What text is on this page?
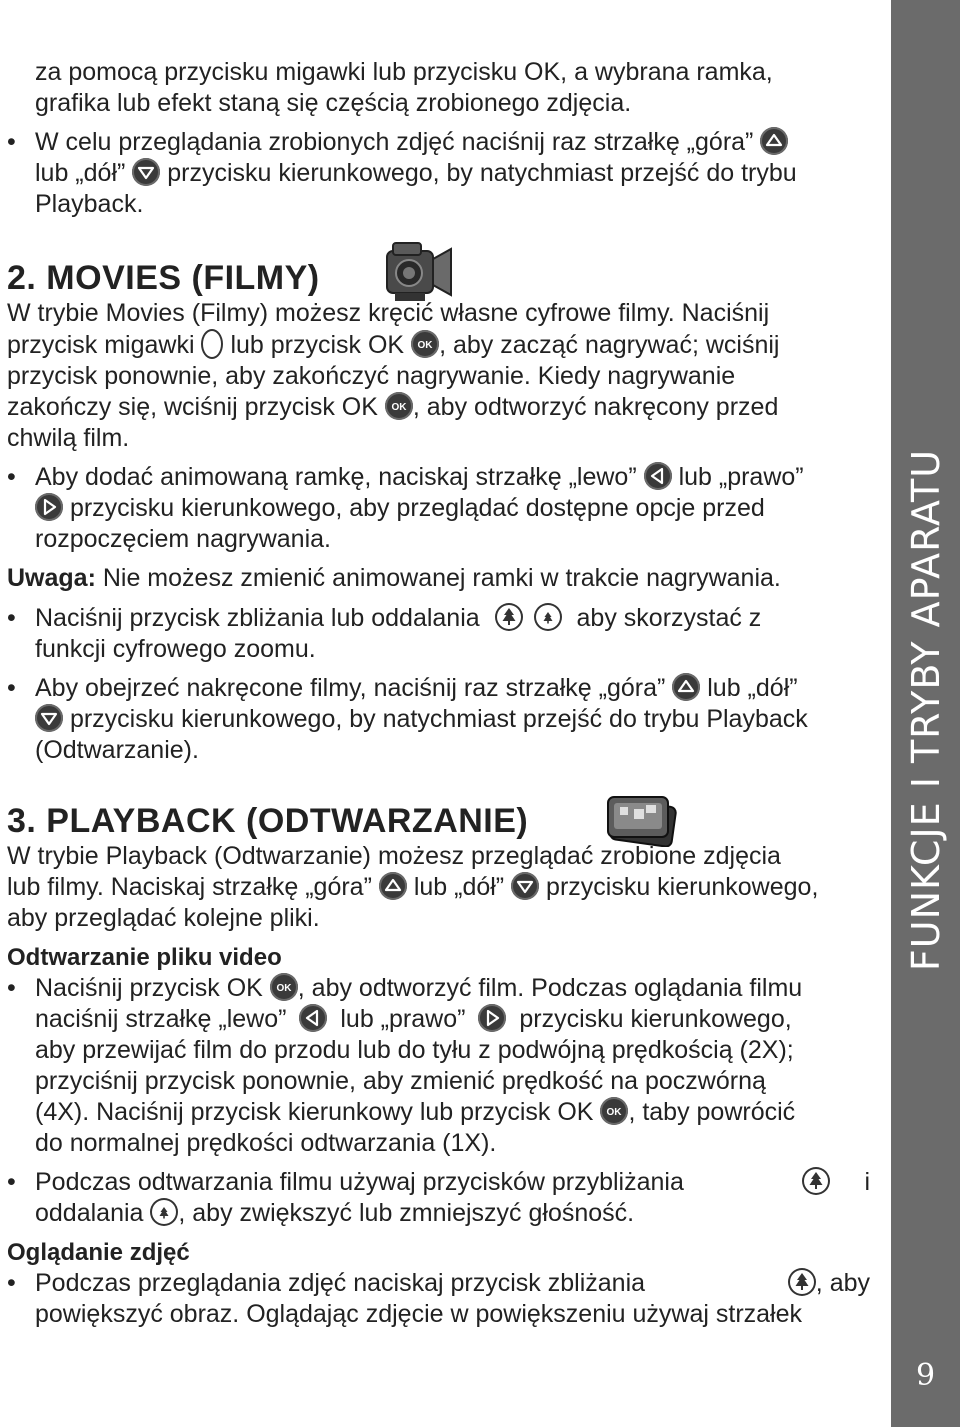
za pomocą przycisku migawki lub przycisku OK, a wybrana ramka,
grafika lub efekt staną się częścią zrobionego zdjęcia.
• W celu przeglądania zrobionych zdjęć naciśnij raz strzałkę „góra”
lub „dół” przycisku kierunkowego, by natychmiast przejść do trybu
Playback.
2. MOVIES (FILMY)
W trybie Movies (Filmy) możesz kręcić własne cyfrowe filmy. Naciśnij
przycisk migawki lub przycisk OK OK , aby zacząć nagrywać; wciśnij
przycisk ponownie, aby zakończyć nagrywanie. Kiedy nagrywanie
zakończy się, wciśnij przycisk OK OK , aby odtworzyć nakręcony przed
chwilą film.
• Aby dodać animowaną ramkę, naciskaj strzałkę „lewo” lub „prawo”
przycisku kierunkowego, aby przeglądać dostępne opcje przed
rozpoczęciem nagrywania.
Uwaga: Nie możesz zmienić animowanej ramki w trakcie nagrywania.
• Naciśnij przycisk zbliżania lub oddalania
	aby skorzystać z
funkcji cyfrowego zoomu.
• Aby obejrzeć nakręcone filmy, naciśnij raz strzałkę „góra” lub „dół”
przycisku kierunkowego, by natychmiast przejść do trybu Playback
(Odtwarzanie).
3. PLAYBACK (ODTWARZANIE)
W trybie Playback (Odtwarzanie) możesz przeglądać zrobione zdjęcia
lub filmy. Naciskaj strzałkę „góra” lub „dół” przycisku kierunkowego,
aby przeglądać kolejne pliki.
Odtwarzanie pliku video
• Naciśnij przycisk OK OK , aby odtworzyć film. Podczas oglądania filmu
naciśnij strzałkę „lewo” lub „prawo” przycisku kierunkowego,
aby przewijać film do przodu lub do tyłu z podwójną prędkością (2X);
przyciśnij przycisk ponownie, aby zmienić prędkość na poczwórną
(4X). Naciśnij przycisk kierunkowy lub przycisk OK OK , taby powrócić
do normalnej prędkości odtwarzania (1X).
• Podczas odtwarzania filmu używaj przycisków przybliżania	i
oddalania , aby zwiększyć lub zmniejszyć głośność.
Oglądanie zdjęć
• Podczas przeglądania zdjęć naciskaj przycisk zbliżania	, aby
powiększyć obraz. Oglądając zdjęcie w powiększeniu używaj strzałek
FUNKCJE I TRYBY APARATU
9
